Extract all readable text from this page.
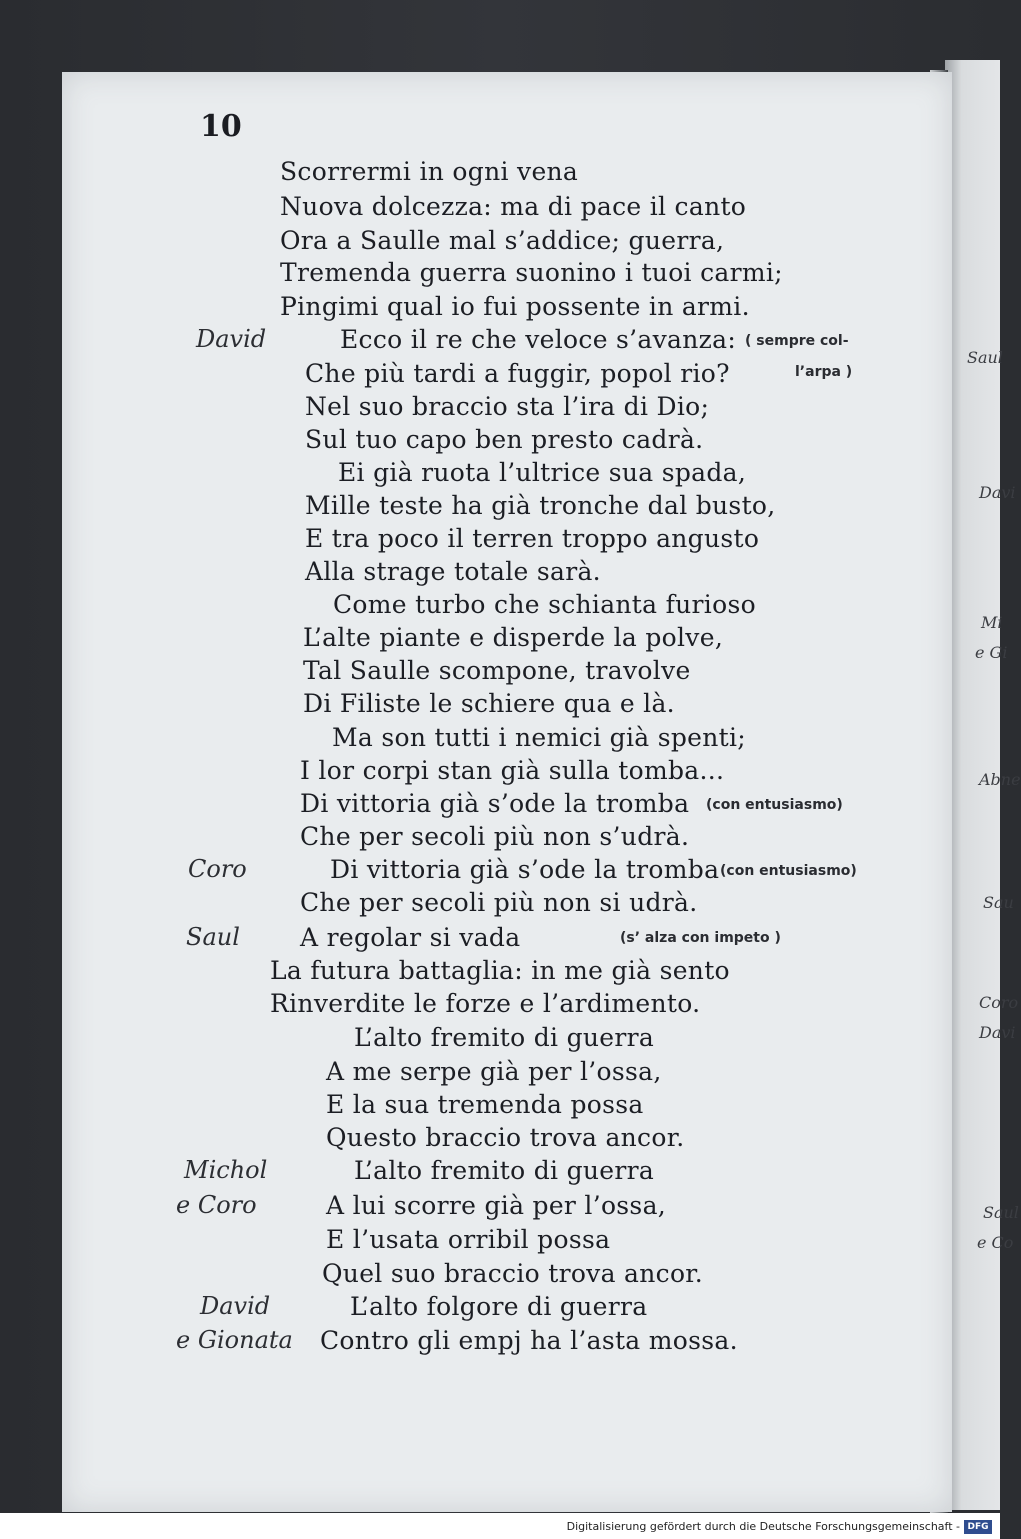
Saul
Davi
Mi
e Gi
Abne
Sau
Coro
Davi
Saul
e Co
10
Scorrermi in ogni vena
Nuova dolcezza: ma di pace il canto
Ora a Saulle mal s’addice; guerra,
Tremenda guerra suonino i tuoi carmi;
Pingimi qual io fui possente in armi.
Ecco il re che veloce s’avanza:
Che più tardi a fuggir, popol rio?
Nel suo braccio sta l’ira di Dio;
Sul tuo capo ben presto cadrà.
Ei già ruota l’ultrice sua spada,
Mille teste ha già tronche dal busto,
E tra poco il terren troppo angusto
Alla strage totale sarà.
Come turbo che schianta furioso
L’alte piante e disperde la polve,
Tal Saulle scompone, travolve
Di Filiste le schiere qua e là.
Ma son tutti i nemici già spenti;
I lor corpi stan già sulla tomba...
Di vittoria già s’ode la tromba
Che per secoli più non s’udrà.
Di vittoria già s’ode la tromba
Che per secoli più non si udrà.
A regolar si vada
La futura battaglia: in me già sento
Rinverdite le forze e l’ardimento.
L’alto fremito di guerra
A me serpe già per l’ossa,
E la sua tremenda possa
Questo braccio trova ancor.
L’alto fremito di guerra
A lui scorre già per l’ossa,
E l’usata orribil possa
Quel suo braccio trova ancor.
L’alto folgore di guerra
Contro gli empj ha l’asta mossa.
David
Coro
Saul
Michol
e Coro
David
e Gionata
( sempre col-
l’arpa )
(con entusiasmo)
(con entusiasmo)
(s’ alza con impeto )
Digitalisierung gefördert durch die Deutsche Forschungsgemeinschaft - DFG
